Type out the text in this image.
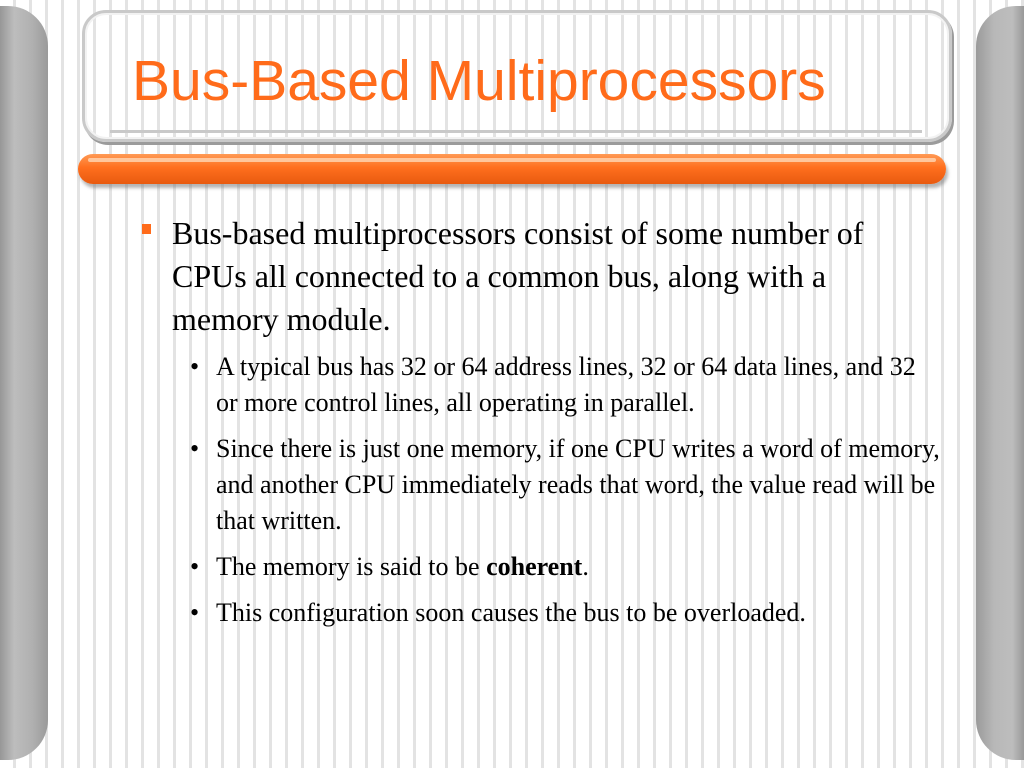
Bus-Based Multiprocessors
Bus-based multiprocessors consist of some number of CPUs all connected to a common bus, along with a memory module.
• A typical bus has 32 or 64 address lines, 32 or 64 data lines, and 32 or more control lines, all operating in parallel.
• Since there is just one memory, if one CPU writes a word of memory, and another CPU immediately reads that word, the value read will be that written.
• The memory is said to be coherent.
• This configuration soon causes the bus to be overloaded.
